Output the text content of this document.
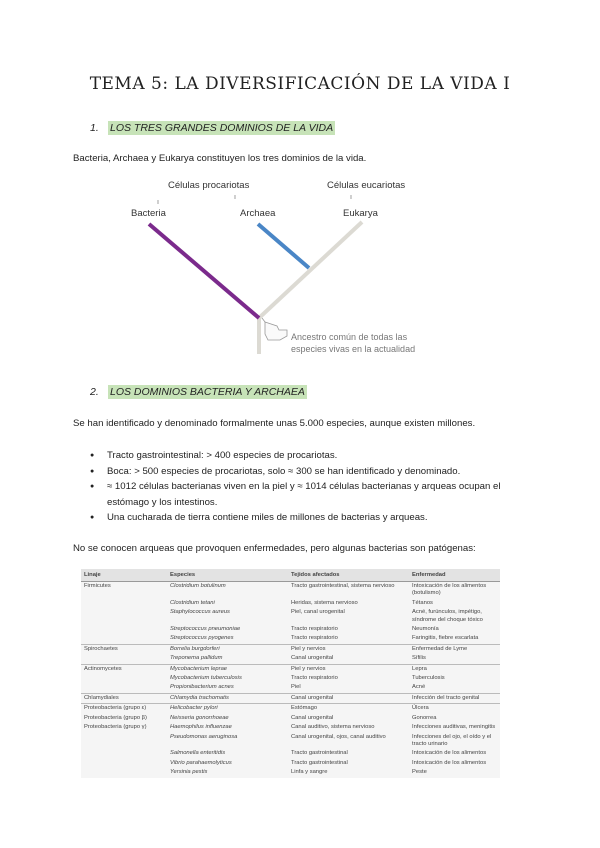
TEMA 5: LA DIVERSIFICACIÓN DE LA VIDA I
1. LOS TRES GRANDES DOMINIOS DE LA VIDA
Bacteria, Archaea y Eukarya constituyen los tres dominios de la vida.
Células procariotas	Células eucariotas
Bacteria	Archaea	Eukarya
Ancestro común de todas las
especies vivas en la actualidad
2. LOS DOMINIOS BACTERIA Y ARCHAEA
Se han identificado y denominado formalmente unas 5.000 especies, aunque existen millones.
● Tracto gastrointestinal: > 400 especies de procariotas.
● Boca: > 500 especies de procariotas, solo ≈ 300 se han identificado y denominado.
● ≈ 1012 células bacterianas viven en la piel y ≈ 1014 células bacterianas y arqueas ocupan el estómago y los intestinos.
● Una cucharada de tierra contiene miles de millones de bacterias y arqueas.
No se conocen arqueas que provoquen enfermedades, pero algunas bacterias son patógenas:
Linaje	Especies	Tejidos afectados	Enfermedad
Firmicutes	Clostridium botulinum	Tracto gastrointestinal, sistema nervioso	Intoxicación de los alimentos (botulismo)
	Clostridium tetani	Heridas, sistema nervioso	Tétanos
	Staphylococcus aureus	Piel, canal urogenital	Acné, furúnculos, impétigo, síndrome del choque tóxico
	Streptococcus pneumoniae	Tracto respiratorio	Neumonía
	Streptococcus pyogenes	Tracto respiratorio	Faringitis, fiebre escarlata
Spirochaetes	Borrelia burgdorferi	Piel y nervios	Enfermedad de Lyme
	Treponema pallidum	Canal urogenital	Sífilis
Actinomycetes	Mycobacterium leprae	Piel y nervios	Lepra
	Mycobacterium tuberculosis	Tracto respiratorio	Tuberculosis
	Propionibacterium acnes	Piel	Acné
Chlamydiales	Chlamydia trachomatis	Canal urogenital	Infección del tracto genital
Proteobacteria (grupo ε)	Helicobacter pylori	Estómago	Úlcera
Proteobacteria (grupo β)	Neisseria gonorrhoeae	Canal urogenital	Gonorrea
Proteobacteria (grupo γ)	Haemophilus influenzae	Canal auditivo, sistema nervioso	Infecciones auditivas, meningitis
	Pseudomonas aeruginosa	Canal urogenital, ojos, canal auditivo	Infecciones del ojo, el oído y el tracto urinario
	Salmonella enteritidis	Tracto gastrointestinal	Intoxicación de los alimentos
	Vibrio parahaemolyticus	Tracto gastrointestinal	Intoxicación de los alimentos
	Yersinia pestis	Linfa y sangre	Peste
